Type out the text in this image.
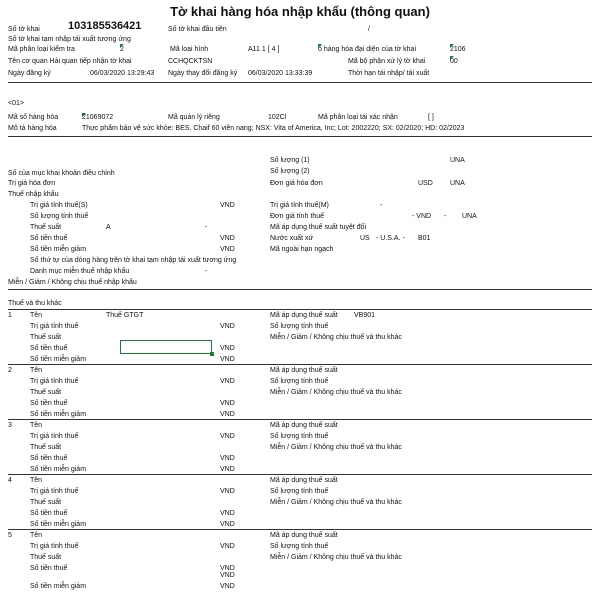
Tờ khai hàng hóa nhập khẩu (thông quan)
Số tờ khai	103185536421	Số tờ khai đầu tiên	/
Số tờ khai tạm nhập tái xuất tương ứng
Mã phân loại kiểm tra	2	Mã loại hình	A11 1 [ 4 ]	ố hàng hóa đại diện của tờ khai	2106
Tên cơ quan Hải quan tiếp nhận tờ khai	CCHQCKTSN	Mã bộ phận xử lý tờ khai	00
Ngày đăng ký	06/03/2020 13:29:43 Ngày thay đổi đăng ký 06/03/2020 13:33:39	Thời hạn tái nhập/ tái xuất
<01>
Mã số hàng hóa	21069072	Mã quản lý riêng	102Cl	Mã phân loại tái xác nhận	[ ]
Mô tả hàng hóa	Thực phẩm bảo vệ sức khỏe: BES. Chaif 60 viên nang; NSX: Vita of America, Inc; Lot: 2002220; SX: 02/2020; HD: 02/2023
Số lượng (1)	UNA
Số lượng (2)
Số của mục khai khoản điều chỉnh
Trị giá hóa đơn	Đơn giá hóa đơn	USD UNA
Thuế nhập khẩu
Trị giá tính thuế(S)	VND	Trị giá tính thuế(M)	-
Số lượng tính thuế	Đơn giá tính thuế	- VND - UNA
Thuế suất	A	-	Mã áp dụng thuế suất tuyệt đối
Số tiền thuế	VND	Nước xuất xứ	US - U.S.A. - B01
Số tiền miễn giảm	VND	Mã ngoài hạn ngạch
Số thứ tự của dòng hàng trên tờ khai tạm nhập tái xuất tương ứng
Danh mục miễn thuế nhập khẩu	-
Miễn / Giảm / Không chịu thuế nhập khẩu
Thuế và thu khác
1	Tên	Thuế GTGT
Trị giá tính thuế	VND
Thuế suất
Số tiền thuế	VND
Số tiền miễn giảm	VND
Mã áp dụng thuế suất VB901
Số lượng tính thuế
Miễn / Giảm / Không chịu thuế và thu khác
2	Tên
Trị giá tính thuế	VND
Thuế suất
Số tiền thuế	VND
Số tiền miễn giảm	VND
Mã áp dụng thuế suất
Số lượng tính thuế
Miễn / Giảm / Không chịu thuế và thu khác
3	Tên
Trị giá tính thuế	VND
Thuế suất
Số tiền thuế	VND
Số tiền miễn giảm	VND
Mã áp dụng thuế suất
Số lượng tính thuế
Miễn / Giảm / Không chịu thuế và thu khác
4	Tên
Trị giá tính thuế	VND
Thuế suất
Số tiền thuế	VND
Số tiền miễn giảm	VND
Mã áp dụng thuế suất
Số lượng tính thuế
Miễn / Giảm / Không chịu thuế và thu khác
5	Tên
Trị giá tính thuế	VND
Thuế suất
Số tiền thuế	VND
Số tiền miễn giảm	VND
VND
Mã áp dụng thuế suất
Số lượng tính thuế
Miễn / Giảm / Không chịu thuế và thu khác
